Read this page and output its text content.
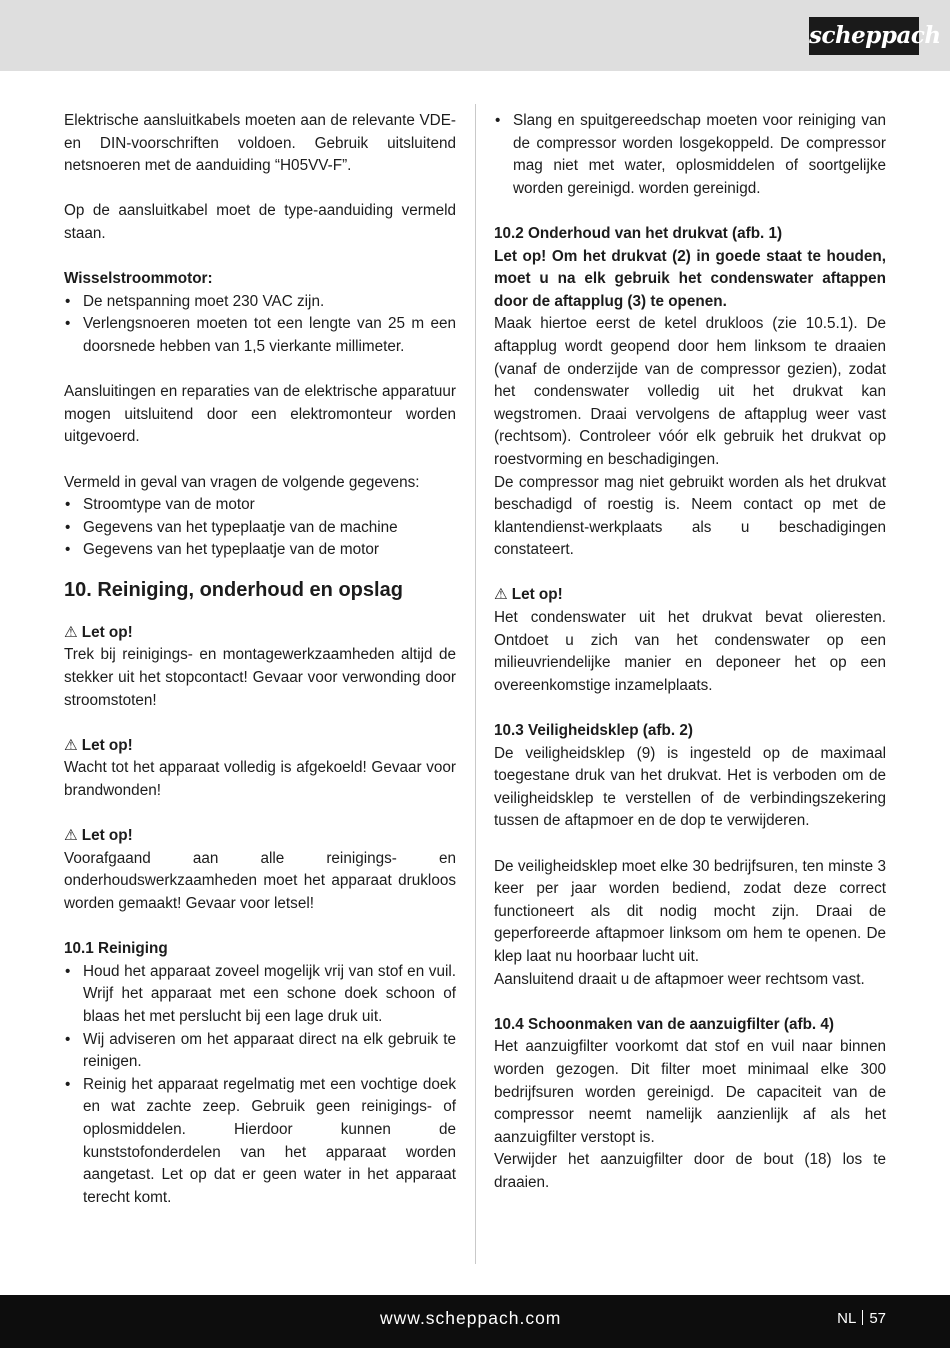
scheppach

Elektrische aansluitkabels moeten aan de relevante VDE- en DIN-voorschriften voldoen. Gebruik uitsluitend netsnoeren met de aanduiding “H05VV-F”.

Op de aansluitkabel moet de type-aanduiding vermeld staan.

Wisselstroommotor:
• De netspanning moet 230 VAC zijn.
• Verlengsnoeren moeten tot een lengte van 25 m een doorsnede hebben van 1,5 vierkante millimeter.

Aansluitingen en reparaties van de elektrische apparatuur mogen uitsluitend door een elektromonteur worden uitgevoerd.

Vermeld in geval van vragen de volgende gegevens:

• Stroomtype van de motor
• Gegevens van het typeplaatje van de machine
• Gegevens van het typeplaatje van de motor
10. Reiniging, onderhoud en opslag
⚠ Let op!

Trek bij reinigings- en montagewerkzaamheden altijd de stekker uit het stopcontact! Gevaar voor verwonding door stroomstoten!

⚠ Let op!

Wacht tot het apparaat volledig is afgekoeld! Gevaar voor brandwonden!

⚠ Let op!

Voorafgaand aan alle reinigings- en onderhoudswerkzaamheden moet het apparaat drukloos worden gemaakt! Gevaar voor letsel!

10.1 Reiniging
• Houd het apparaat zoveel mogelijk vrij van stof en vuil. Wrijf het apparaat met een schone doek schoon of blaas het met perslucht bij een lage druk uit.
• Wij adviseren om het apparaat direct na elk gebruik te reinigen.
• Reinig het apparaat regelmatig met een vochtige doek en wat zachte zeep. Gebruik geen reinigings- of oplosmiddelen. Hierdoor kunnen de kunststofonderdelen van het apparaat worden aangetast. Let op dat er geen water in het apparaat terecht komt.
• Slang en spuitgereedschap moeten voor reiniging van de compressor worden losgekoppeld. De compressor mag niet met water, oplosmiddelen of soortgelijke worden gereinigd. worden gereinigd.
10.2 Onderhoud van het drukvat (afb. 1)

Let op! Om het drukvat (2) in goede staat te houden, moet u na elk gebruik het condenswater aftappen door de aftapplug (3) te openen.

Maak hiertoe eerst de ketel drukloos (zie 10.5.1). De aftapplug wordt geopend door hem linksom te draaien (vanaf de onderzijde van de compressor gezien), zodat het condenswater volledig uit het drukvat kan wegstromen. Draai vervolgens de aftapplug weer vast (rechtsom). Controleer vóór elk gebruik het drukvat op roestvorming en beschadigingen.

De compressor mag niet gebruikt worden als het drukvat beschadigd of roestig is. Neem contact op met de klantendienst-werkplaats als u beschadigingen constateert.

⚠ Let op!

Het condenswater uit het drukvat bevat olieresten. Ontdoet u zich van het condenswater op een milieuvriendelijke manier en deponeer het op een overeenkomstige inzamelplaats.

10.3 Veiligheidsklep (afb. 2)

De veiligheidsklep (9) is ingesteld op de maximaal toegestane druk van het drukvat. Het is verboden om de veiligheidsklep te verstellen of de verbindingszekering tussen de aftapmoer en de dop te verwijderen.

De veiligheidsklep moet elke 30 bedrijfsuren, ten minste 3 keer per jaar worden bediend, zodat deze correct functioneert als dit nodig mocht zijn. Draai de geperforeerde aftapmoer linksom om hem te openen. De klep laat nu hoorbaar lucht uit.

Aansluitend draait u de aftapmoer weer rechtsom vast.

10.4 Schoonmaken van de aanzuigfilter (afb. 4)

Het aanzuigfilter voorkomt dat stof en vuil naar binnen worden gezogen. Dit filter moet minimaal elke 300 bedrijfsuren worden gereinigd. De capaciteit van de compressor neemt namelijk aanzienlijk af als het aanzuigfilter verstopt is.

Verwijder het aanzuigfilter door de bout (18) los te draaien.

www.scheppach.com	NL 57
